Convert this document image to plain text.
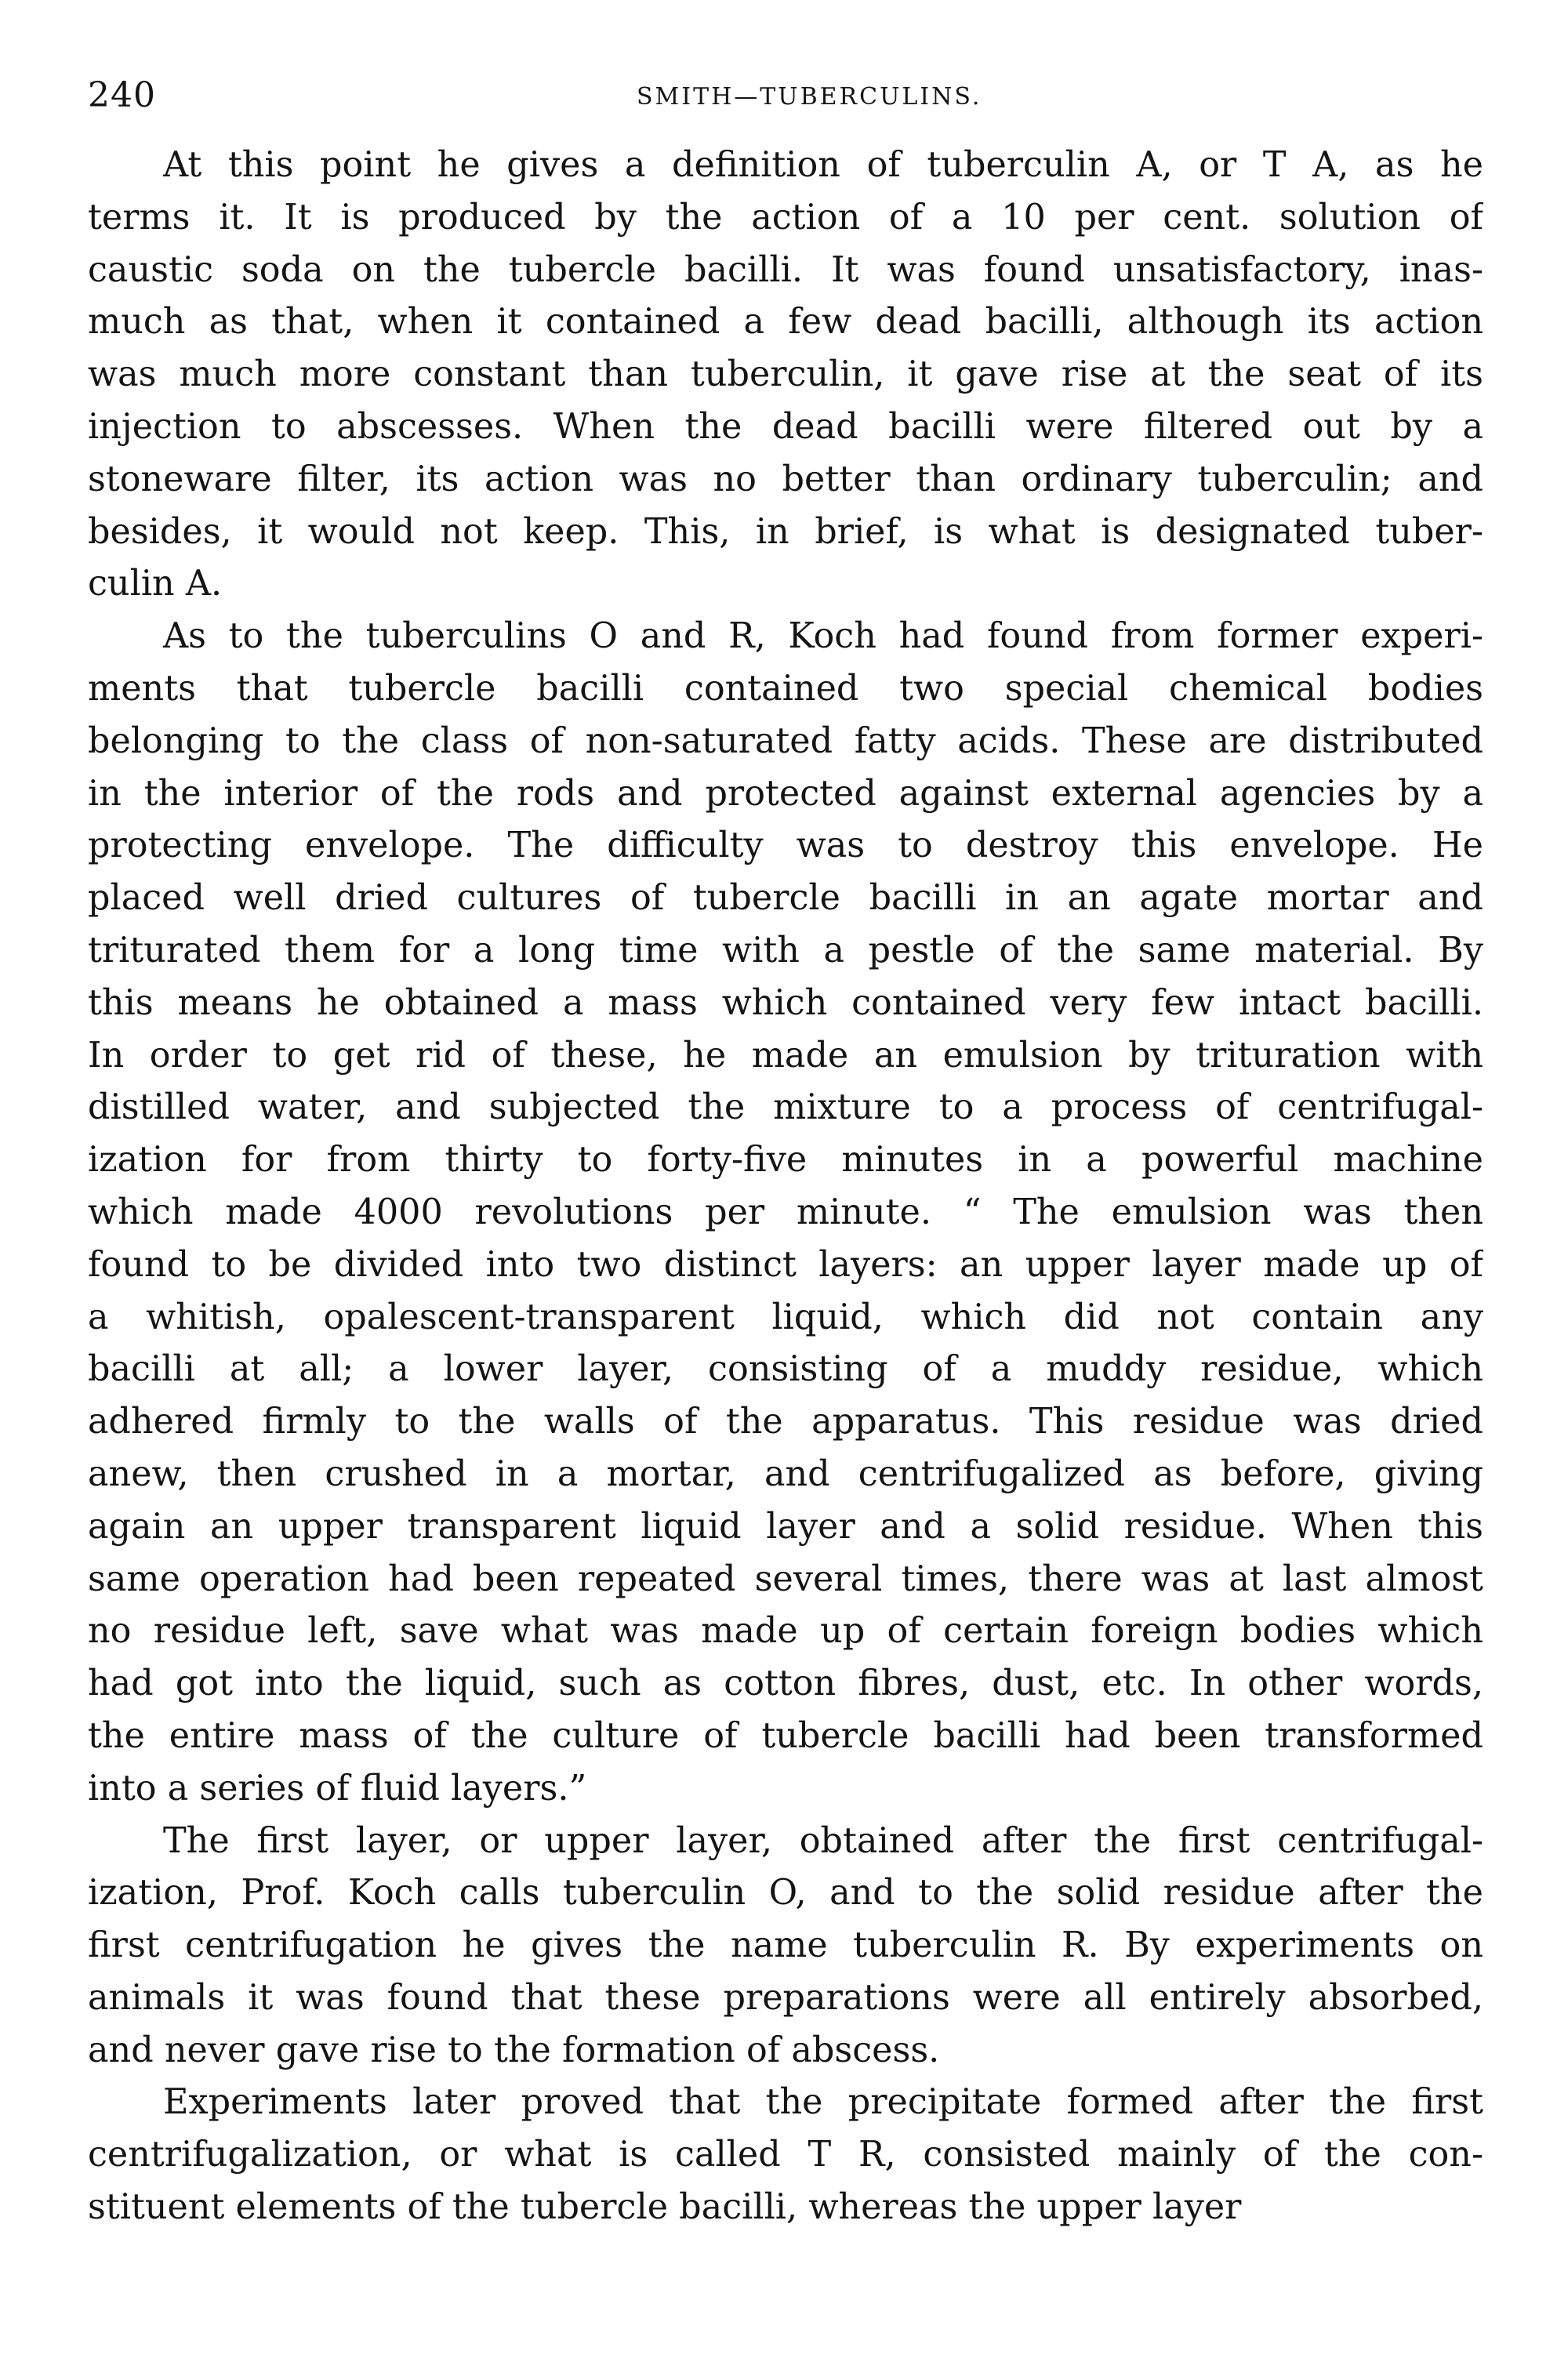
240	SMITH—TUBERCULINS.
At this point he gives a definition of tuberculin A, or T A, as he
terms it. It is produced by the action of a 10 per cent. solution of
caustic soda on the tubercle bacilli. It was found unsatisfactory, inas-
much as that, when it contained a few dead bacilli, although its action
was much more constant than tuberculin, it gave rise at the seat of its
injection to abscesses. When the dead bacilli were filtered out by a
stoneware filter, its action was no better than ordinary tuberculin; and
besides, it would not keep. This, in brief, is what is designated tuber-
culin A.
As to the tuberculins O and R, Koch had found from former experi-
ments that tubercle bacilli contained two special chemical bodies
belonging to the class of non-saturated fatty acids. These are distributed
in the interior of the rods and protected against external agencies by a
protecting envelope. The difficulty was to destroy this envelope. He
placed well dried cultures of tubercle bacilli in an agate mortar and
triturated them for a long time with a pestle of the same material. By
this means he obtained a mass which contained very few intact bacilli.
In order to get rid of these, he made an emulsion by trituration with
distilled water, and subjected the mixture to a process of centrifugal-
ization for from thirty to forty-five minutes in a powerful machine
which made 4000 revolutions per minute. “ The emulsion was then
found to be divided into two distinct layers: an upper layer made up of
a whitish, opalescent-transparent liquid, which did not contain any
bacilli at all; a lower layer, consisting of a muddy residue, which
adhered firmly to the walls of the apparatus. This residue was dried
anew, then crushed in a mortar, and centrifugalized as before, giving
again an upper transparent liquid layer and a solid residue. When this
same operation had been repeated several times, there was at last almost
no residue left, save what was made up of certain foreign bodies which
had got into the liquid, such as cotton fibres, dust, etc. In other words,
the entire mass of the culture of tubercle bacilli had been transformed
into a series of fluid layers.”
The first layer, or upper layer, obtained after the first centrifugal-
ization, Prof. Koch calls tuberculin O, and to the solid residue after the
first centrifugation he gives the name tuberculin R. By experiments on
animals it was found that these preparations were all entirely absorbed,
and never gave rise to the formation of abscess.
Experiments later proved that the precipitate formed after the first
centrifugalization, or what is called T R, consisted mainly of the con-
stituent elements of the tubercle bacilli, whereas the upper layer
